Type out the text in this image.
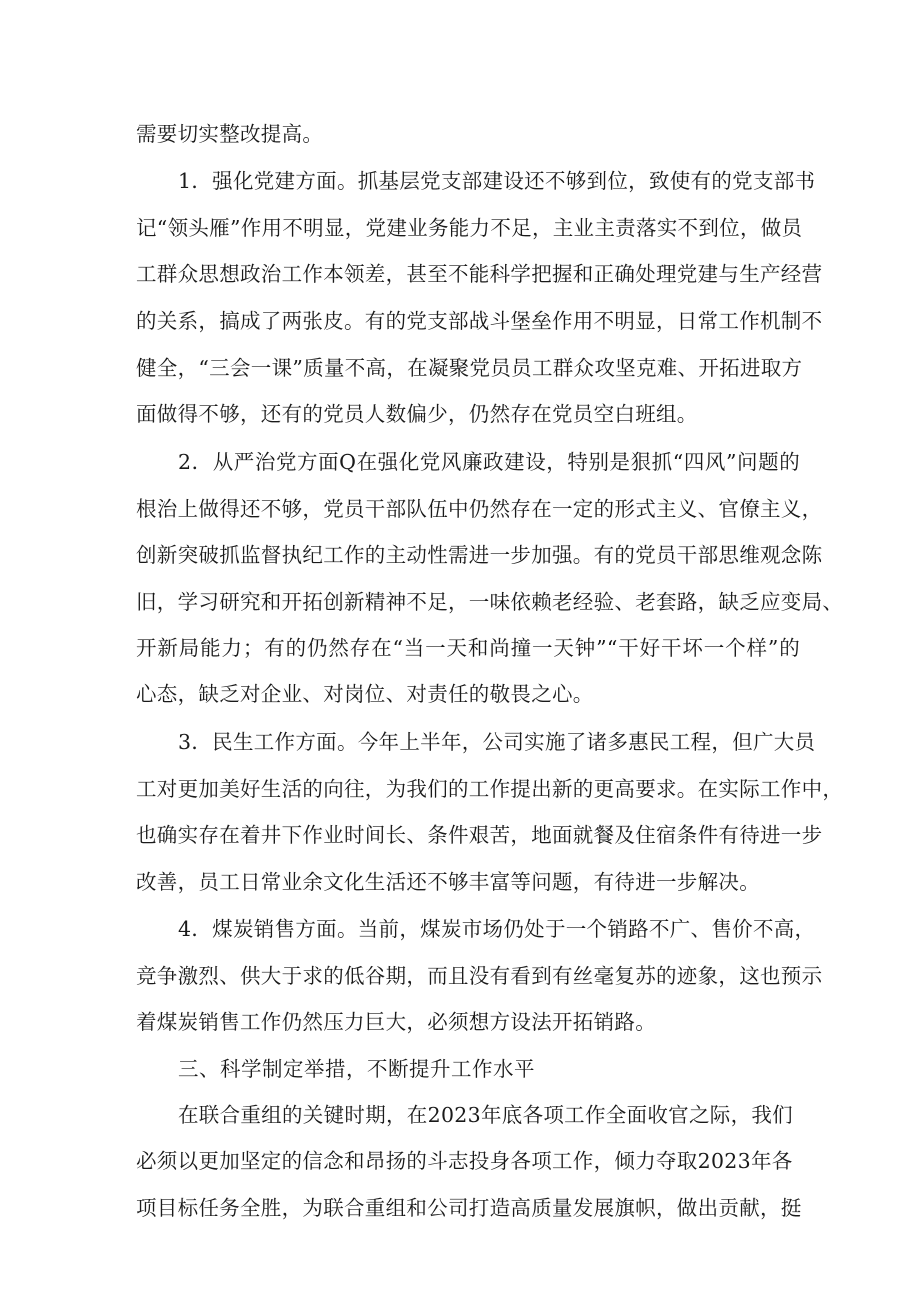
需要切实整改提高。
1．强化党建方面。抓基层党支部建设还不够到位，致使有的党支部书
记“领头雁”作用不明显，党建业务能力不足，主业主责落实不到位，做员
工群众思想政治工作本领差，甚至不能科学把握和正确处理党建与生产经营
的关系，搞成了两张皮。有的党支部战斗堡垒作用不明显，日常工作机制不
健全，“三会一课”质量不高，在凝聚党员员工群众攻坚克难、开拓进取方
面做得不够，还有的党员人数偏少，仍然存在党员空白班组。
2．从严治党方面Q在强化党风廉政建设，特别是狠抓“四风”问题的
根治上做得还不够，党员干部队伍中仍然存在一定的形式主义、官僚主义，
创新突破抓监督执纪工作的主动性需进一步加强。有的党员干部思维观念陈
旧，学习研究和开拓创新精神不足，一味依赖老经验、老套路，缺乏应变局、
开新局能力；有的仍然存在“当一天和尚撞一天钟”“干好干坏一个样”的
心态，缺乏对企业、对岗位、对责任的敬畏之心。
3．民生工作方面。今年上半年，公司实施了诸多惠民工程，但广大员
工对更加美好生活的向往，为我们的工作提出新的更高要求。在实际工作中，
也确实存在着井下作业时间长、条件艰苦，地面就餐及住宿条件有待进一步
改善，员工日常业余文化生活还不够丰富等问题，有待进一步解决。
4．煤炭销售方面。当前，煤炭市场仍处于一个销路不广、售价不高，
竞争激烈、供大于求的低谷期，而且没有看到有丝毫复苏的迹象，这也预示
着煤炭销售工作仍然压力巨大，必须想方设法开拓销路。
三、科学制定举措，不断提升工作水平
在联合重组的关键时期，在2023年底各项工作全面收官之际，我们
必须以更加坚定的信念和昂扬的斗志投身各项工作，倾力夺取2023年各
项目标任务全胜，为联合重组和公司打造高质量发展旗帜，做出贡献，挺
